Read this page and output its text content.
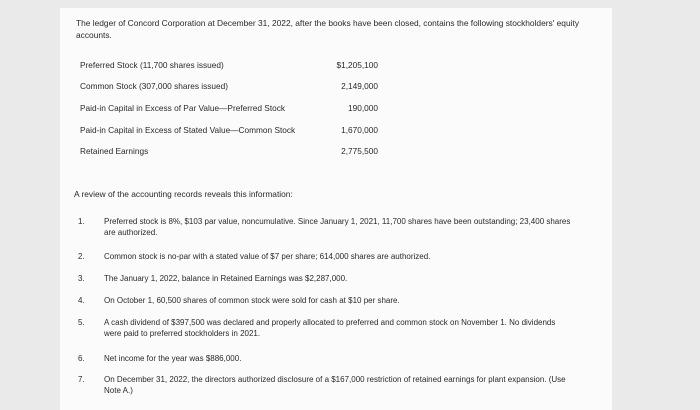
The ledger of Concord Corporation at December 31, 2022, after the books have been closed, contains the following stockholders' equity accounts.

Preferred Stock (11,700 shares issued)	$1,205,100
Common Stock (307,000 shares issued)	2,149,000
Paid-in Capital in Excess of Par Value—Preferred Stock	190,000
Paid-in Capital in Excess of Stated Value—Common Stock	1,670,000
Retained Earnings	2,775,500

A review of the accounting records reveals this information:

1. Preferred stock is 8%, $103 par value, noncumulative. Since January 1, 2021, 11,700 shares have been outstanding; 23,400 shares are authorized.
2. Common stock is no-par with a stated value of $7 per share; 614,000 shares are authorized.
3. The January 1, 2022, balance in Retained Earnings was $2,287,000.
4. On October 1, 60,500 shares of common stock were sold for cash at $10 per share.
5. A cash dividend of $397,500 was declared and properly allocated to preferred and common stock on November 1. No dividends were paid to preferred stockholders in 2021.
6. Net income for the year was $886,000.
7. On December 31, 2022, the directors authorized disclosure of a $167,000 restriction of retained earnings for plant expansion. (Use Note A.)
